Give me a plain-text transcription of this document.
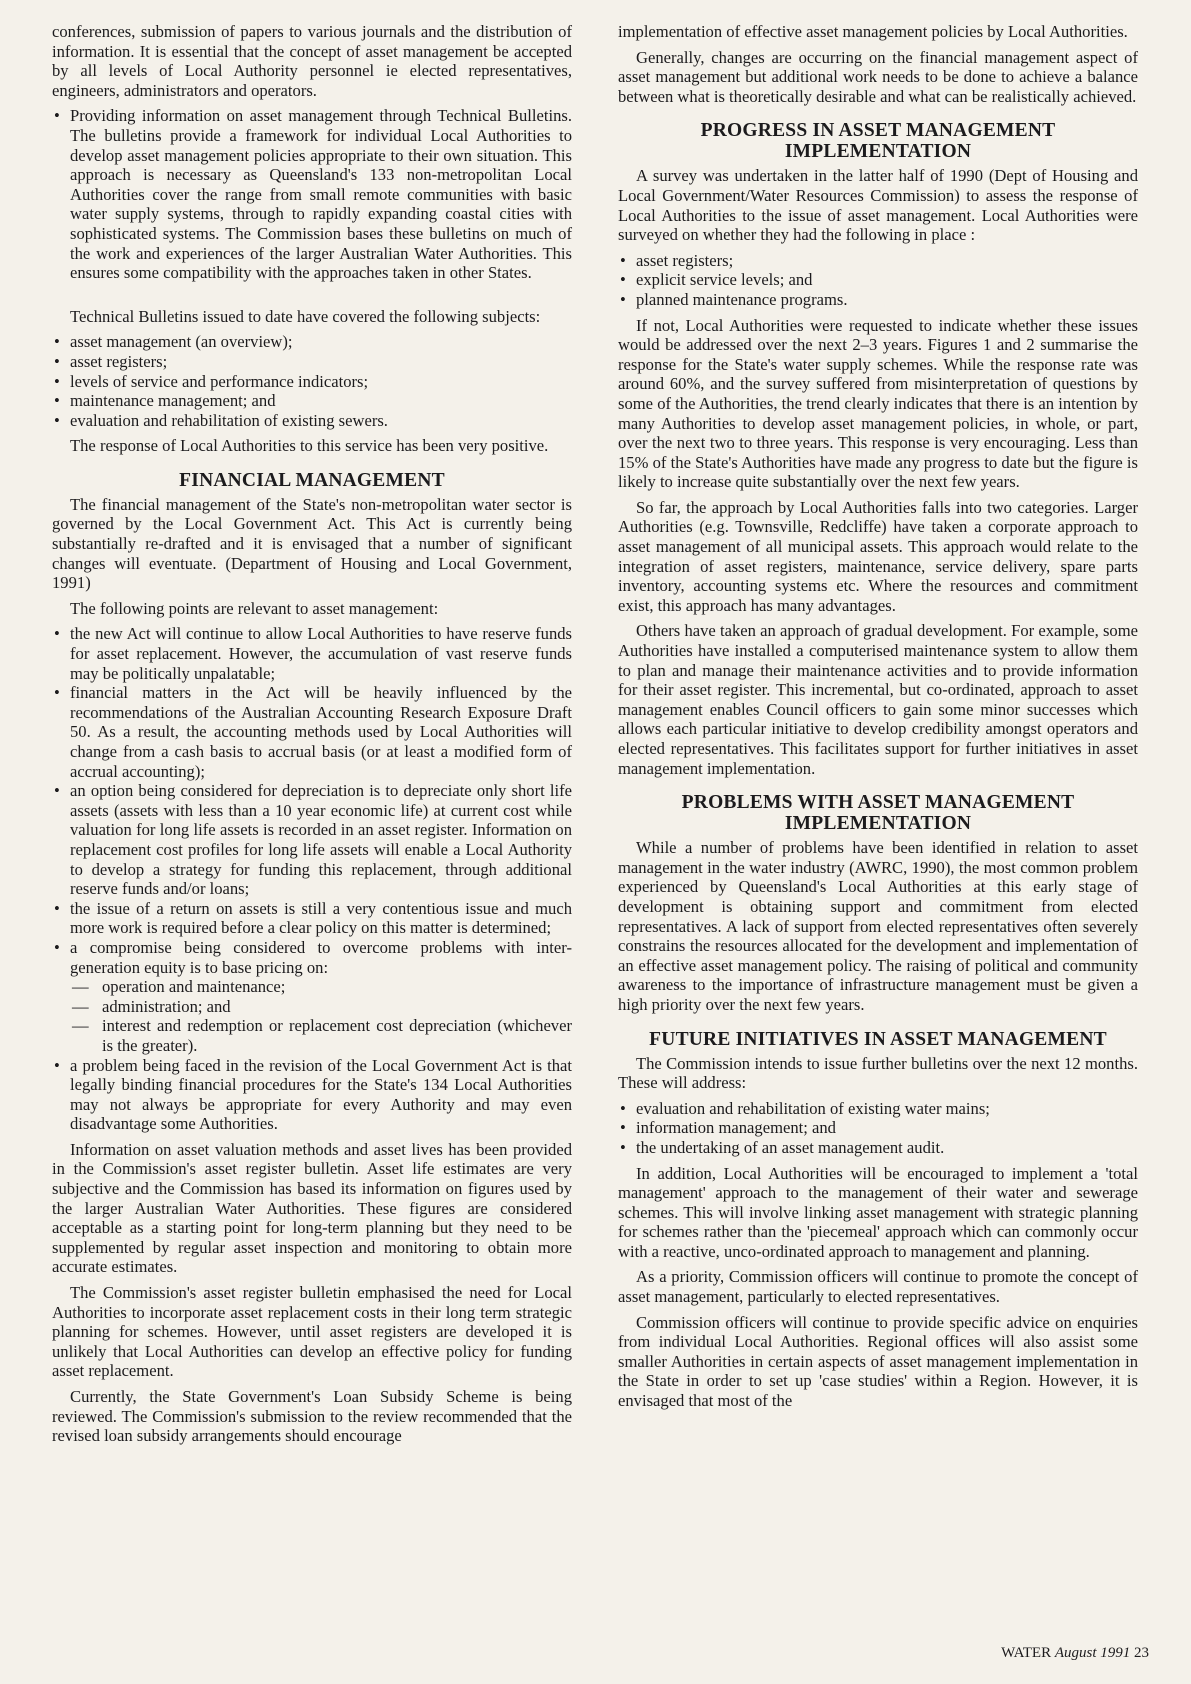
conferences, submission of papers to various journals and the distribution of information. It is essential that the concept of asset management be accepted by all levels of Local Authority personnel ie elected representatives, engineers, administrators and operators.

• Providing information on asset management through Technical Bulletins. The bulletins provide a framework for individual Local Authorities to develop asset management policies appropriate to their own situation. This approach is necessary as Queensland's 133 non-metropolitan Local Authorities cover the range from small remote communities with basic water supply systems, through to rapidly expanding coastal cities with sophisticated systems. The Commission bases these bulletins on much of the work and experiences of the larger Australian Water Authorities. This ensures some compatibility with the approaches taken in other States.

Technical Bulletins issued to date have covered the following subjects:

• asset management (an overview);
• asset registers;
• levels of service and performance indicators;
• maintenance management; and
• evaluation and rehabilitation of existing sewers.

The response of Local Authorities to this service has been very positive.

FINANCIAL MANAGEMENT

The financial management of the State's non-metropolitan water sector is governed by the Local Government Act. This Act is currently being substantially re-drafted and it is envisaged that a number of significant changes will eventuate. (Department of Housing and Local Government, 1991)

The following points are relevant to asset management:

• the new Act will continue to allow Local Authorities to have reserve funds for asset replacement. However, the accumulation of vast reserve funds may be politically unpalatable;
• financial matters in the Act will be heavily influenced by the recommendations of the Australian Accounting Research Exposure Draft 50. As a result, the accounting methods used by Local Authorities will change from a cash basis to accrual basis (or at least a modified form of accrual accounting);
• an option being considered for depreciation is to depreciate only short life assets (assets with less than a 10 year economic life) at current cost while valuation for long life assets is recorded in an asset register. Information on replacement cost profiles for long life assets will enable a Local Authority to develop a strategy for funding this replacement, through additional reserve funds and/or loans;
• the issue of a return on assets is still a very contentious issue and much more work is required before a clear policy on this matter is determined;
• a compromise being considered to overcome problems with inter-generation equity is to base pricing on:
— operation and maintenance;
— administration; and
— interest and redemption or replacement cost depreciation (whichever is the greater).
• a problem being faced in the revision of the Local Government Act is that legally binding financial procedures for the State's 134 Local Authorities may not always be appropriate for every Authority and may even disadvantage some Authorities.

Information on asset valuation methods and asset lives has been provided in the Commission's asset register bulletin. Asset life estimates are very subjective and the Commission has based its information on figures used by the larger Australian Water Authorities. These figures are considered acceptable as a starting point for long-term planning but they need to be supplemented by regular asset inspection and monitoring to obtain more accurate estimates.

The Commission's asset register bulletin emphasised the need for Local Authorities to incorporate asset replacement costs in their long term strategic planning for schemes. However, until asset registers are developed it is unlikely that Local Authorities can develop an effective policy for funding asset replacement.

Currently, the State Government's Loan Subsidy Scheme is being reviewed. The Commission's submission to the review recommended that the revised loan subsidy arrangements should encourage

implementation of effective asset management policies by Local Authorities.

Generally, changes are occurring on the financial management aspect of asset management but additional work needs to be done to achieve a balance between what is theoretically desirable and what can be realistically achieved.

PROGRESS IN ASSET MANAGEMENT IMPLEMENTATION

A survey was undertaken in the latter half of 1990 (Dept of Housing and Local Government/Water Resources Commission) to assess the response of Local Authorities to the issue of asset management. Local Authorities were surveyed on whether they had the following in place :

• asset registers;
• explicit service levels; and
• planned maintenance programs.

If not, Local Authorities were requested to indicate whether these issues would be addressed over the next 2–3 years. Figures 1 and 2 summarise the response for the State's water supply schemes. While the response rate was around 60%, and the survey suffered from misinterpretation of questions by some of the Authorities, the trend clearly indicates that there is an intention by many Authorities to develop asset management policies, in whole, or part, over the next two to three years. This response is very encouraging. Less than 15% of the State's Authorities have made any progress to date but the figure is likely to increase quite substantially over the next few years.

So far, the approach by Local Authorities falls into two categories. Larger Authorities (e.g. Townsville, Redcliffe) have taken a corporate approach to asset management of all municipal assets. This approach would relate to the integration of asset registers, maintenance, service delivery, spare parts inventory, accounting systems etc. Where the resources and commitment exist, this approach has many advantages.

Others have taken an approach of gradual development. For example, some Authorities have installed a computerised maintenance system to allow them to plan and manage their maintenance activities and to provide information for their asset register. This incremental, but co-ordinated, approach to asset management enables Council officers to gain some minor successes which allows each particular initiative to develop credibility amongst operators and elected representatives. This facilitates support for further initiatives in asset management implementation.

PROBLEMS WITH ASSET MANAGEMENT IMPLEMENTATION

While a number of problems have been identified in relation to asset management in the water industry (AWRC, 1990), the most common problem experienced by Queensland's Local Authorities at this early stage of development is obtaining support and commitment from elected representatives. A lack of support from elected representatives often severely constrains the resources allocated for the development and implementation of an effective asset management policy. The raising of political and community awareness to the importance of infrastructure management must be given a high priority over the next few years.

FUTURE INITIATIVES IN ASSET MANAGEMENT

The Commission intends to issue further bulletins over the next 12 months. These will address:

• evaluation and rehabilitation of existing water mains;
• information management; and
• the undertaking of an asset management audit.

In addition, Local Authorities will be encouraged to implement a 'total management' approach to the management of their water and sewerage schemes. This will involve linking asset management with strategic planning for schemes rather than the 'piecemeal' approach which can commonly occur with a reactive, unco-ordinated approach to management and planning.

As a priority, Commission officers will continue to promote the concept of asset management, particularly to elected representatives.

Commission officers will continue to provide specific advice on enquiries from individual Local Authorities. Regional offices will also assist some smaller Authorities in certain aspects of asset management implementation in the State in order to set up 'case studies' within a Region. However, it is envisaged that most of the

WATER August 1991 23
